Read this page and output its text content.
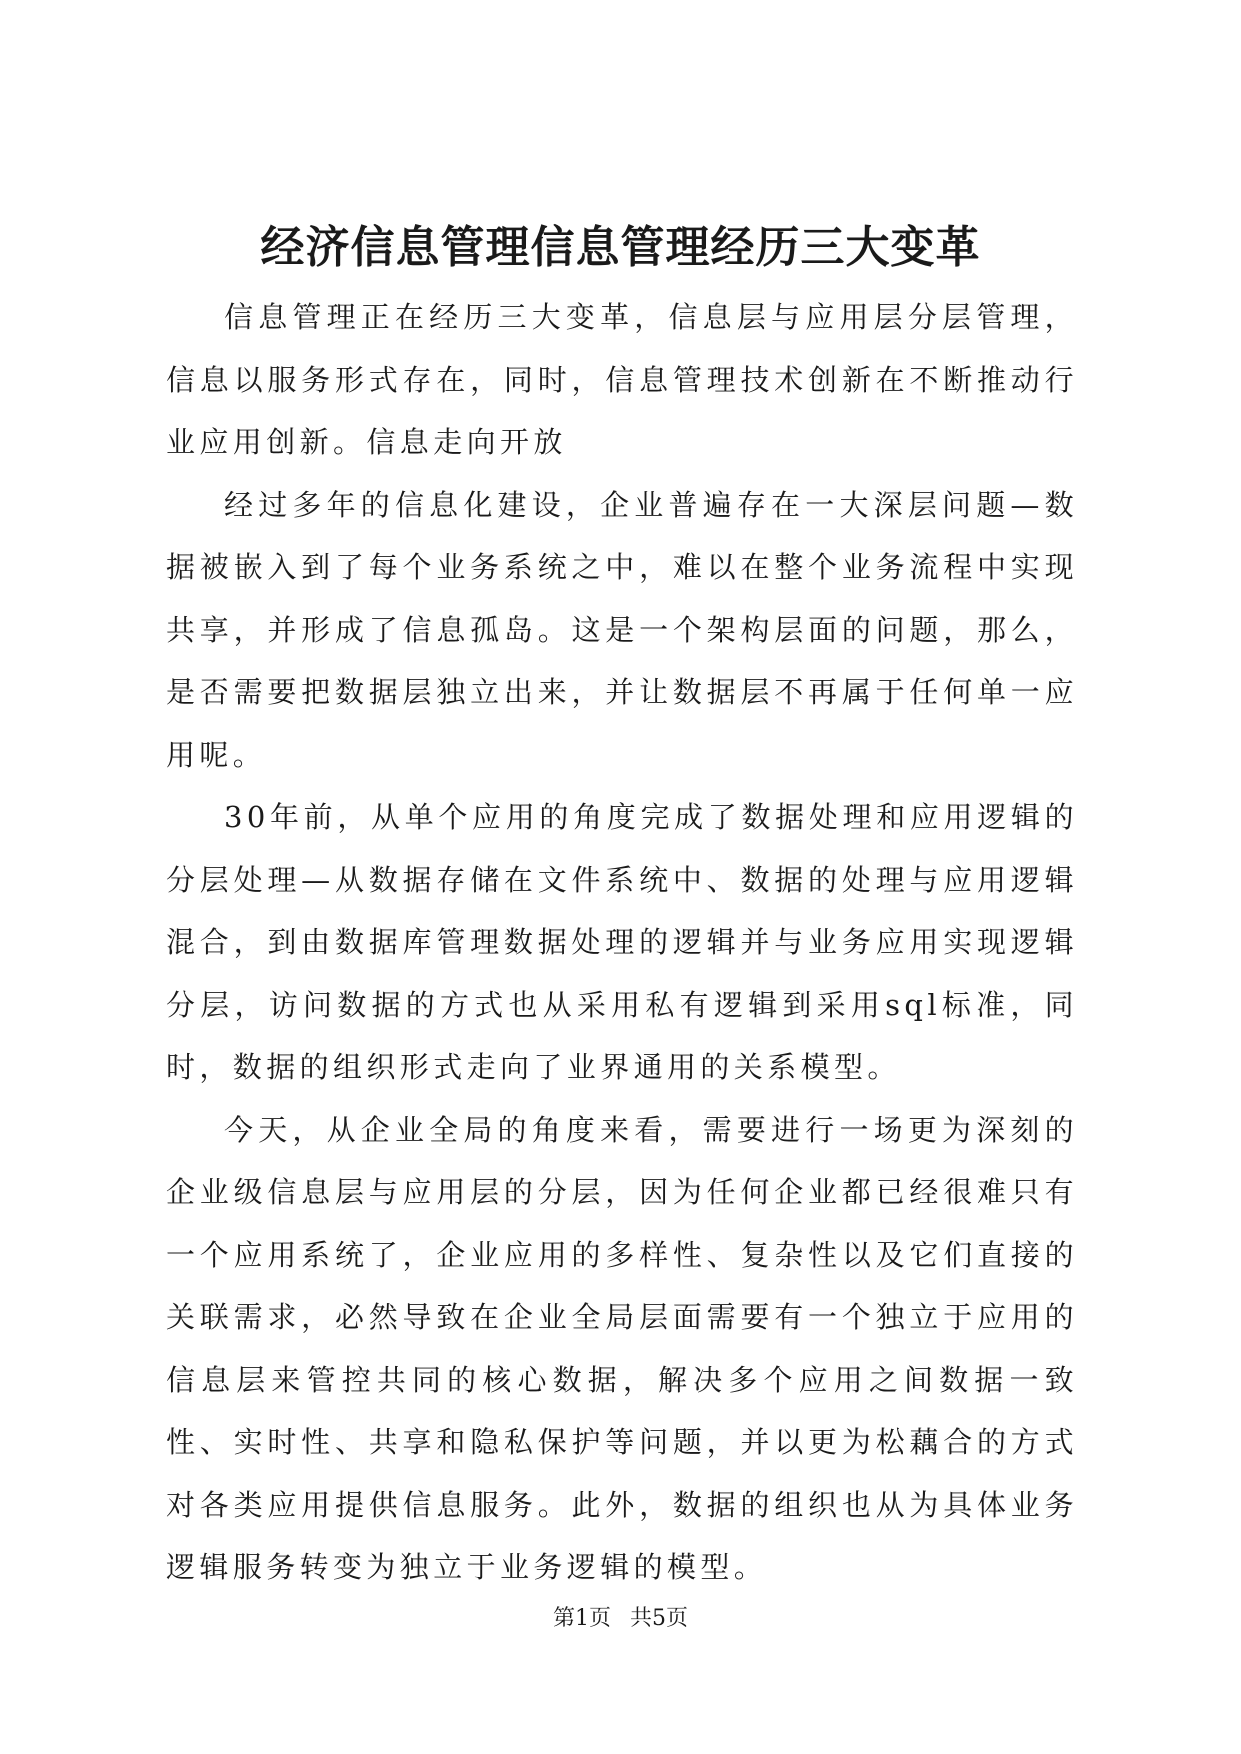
经济信息管理信息管理经历三大变革

信息管理正在经历三大变革，信息层与应用层分层管理，信息以服务形式存在，同时，信息管理技术创新在不断推动行业应用创新。信息走向开放

经过多年的信息化建设，企业普遍存在一大深层问题—数据被嵌入到了每个业务系统之中，难以在整个业务流程中实现共享，并形成了信息孤岛。这是一个架构层面的问题，那么，是否需要把数据层独立出来，并让数据层不再属于任何单一应用呢。

30年前，从单个应用的角度完成了数据处理和应用逻辑的分层处理—从数据存储在文件系统中、数据的处理与应用逻辑混合，到由数据库管理数据处理的逻辑并与业务应用实现逻辑分层，访问数据的方式也从采用私有逻辑到采用sql标准，同时，数据的组织形式走向了业界通用的关系模型。

今天，从企业全局的角度来看，需要进行一场更为深刻的企业级信息层与应用层的分层，因为任何企业都已经很难只有一个应用系统了，企业应用的多样性、复杂性以及它们直接的关联需求，必然导致在企业全局层面需要有一个独立于应用的信息层来管控共同的核心数据，解决多个应用之间数据一致性、实时性、共享和隐私保护等问题，并以更为松藕合的方式对各类应用提供信息服务。此外，数据的组织也从为具体业务逻辑服务转变为独立于业务逻辑的模型。

第1页 共5页
